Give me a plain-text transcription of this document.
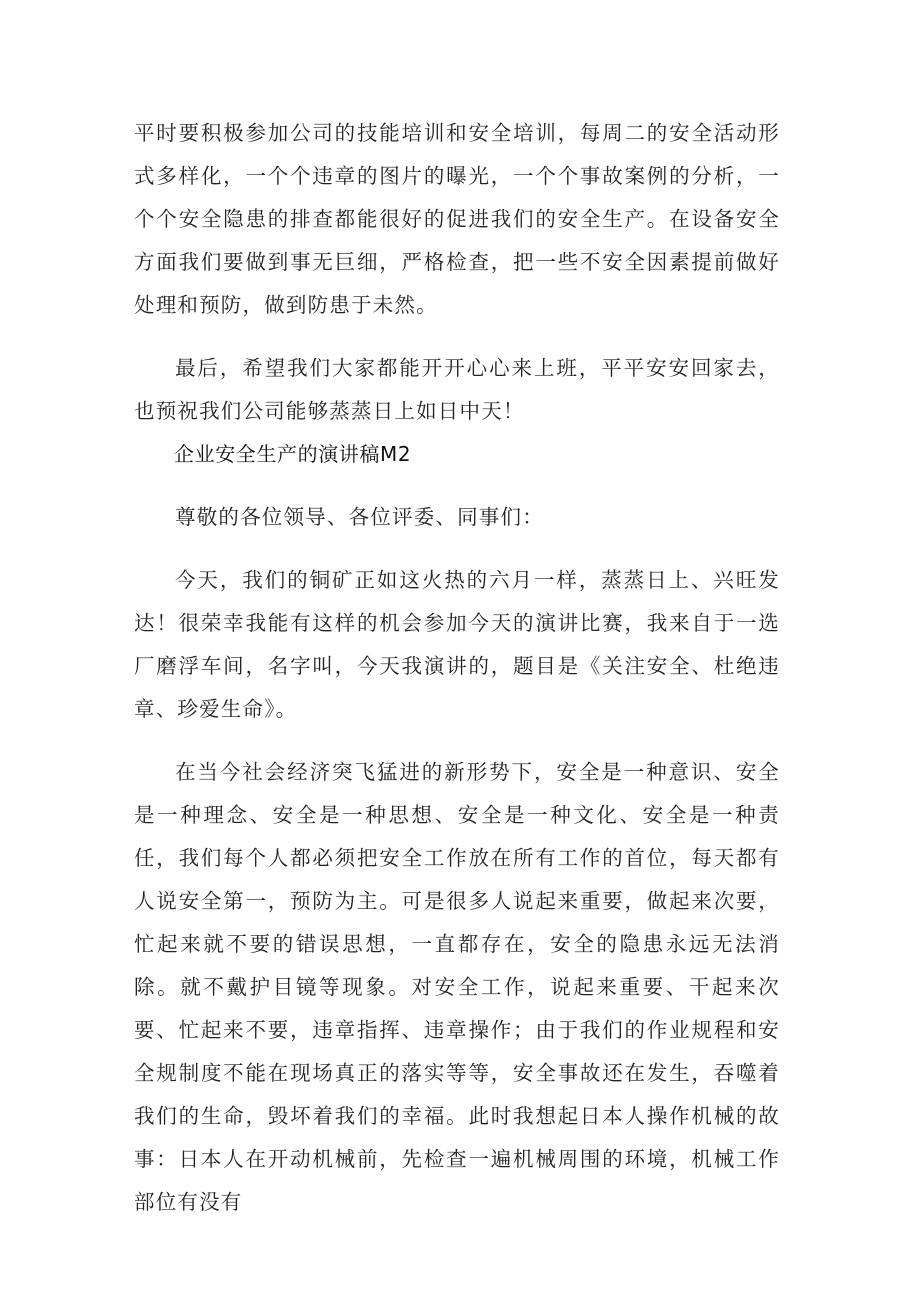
平时要积极参加公司的技能培训和安全培训，每周二的安全活动形式多样化，一个个违章的图片的曝光，一个个事故案例的分析，一个个安全隐患的排查都能很好的促进我们的安全生产。在设备安全方面我们要做到事无巨细，严格检查，把一些不安全因素提前做好处理和预防，做到防患于未然。

最后，希望我们大家都能开开心心来上班，平平安安回家去，也预祝我们公司能够蒸蒸日上如日中天！

企业安全生产的演讲稿M2

尊敬的各位领导、各位评委、同事们：

今天，我们的铜矿正如这火热的六月一样，蒸蒸日上、兴旺发达！很荣幸我能有这样的机会参加今天的演讲比赛，我来自于一选厂磨浮车间，名字叫，今天我演讲的，题目是《关注安全、杜绝违章、珍爱生命》。

在当今社会经济突飞猛进的新形势下，安全是一种意识、安全是一种理念、安全是一种思想、安全是一种文化、安全是一种责任，我们每个人都必须把安全工作放在所有工作的首位，每天都有人说安全第一，预防为主。可是很多人说起来重要，做起来次要，忙起来就不要的错误思想，一直都存在，安全的隐患永远无法消除。就不戴护目镜等现象。对安全工作，说起来重要、干起来次要、忙起来不要，违章指挥、违章操作；由于我们的作业规程和安全规制度不能在现场真正的落实等等，安全事故还在发生，吞噬着我们的生命，毁坏着我们的幸福。此时我想起日本人操作机械的故事：日本人在开动机械前，先检查一遍机械周围的环境，机械工作部位有没有
